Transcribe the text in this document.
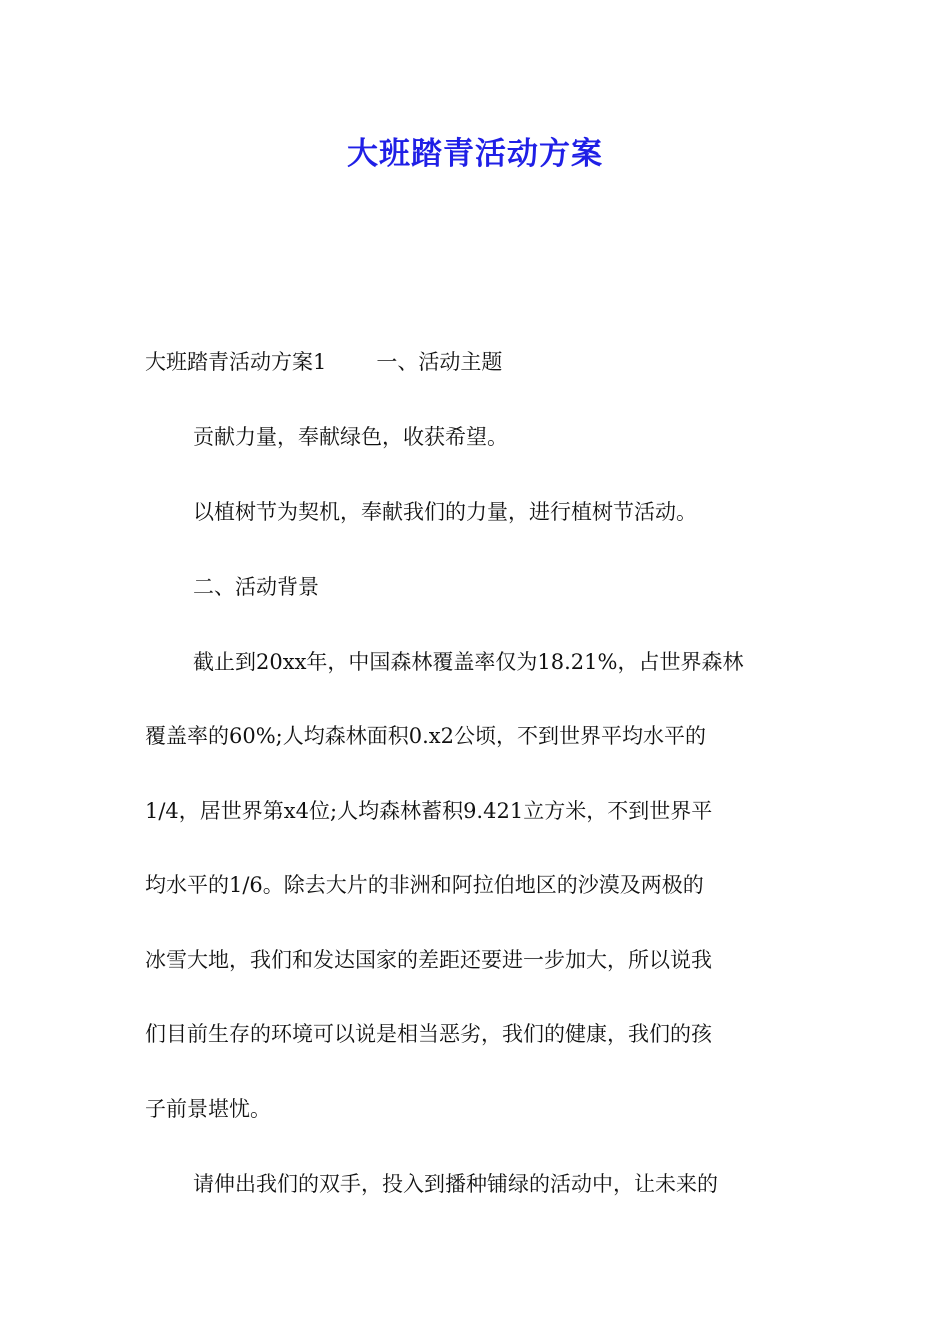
大班踏青活动方案
大班踏青活动方案1 一、活动主题
贡献力量，奉献绿色，收获希望。
以植树节为契机，奉献我们的力量，进行植树节活动。
二、活动背景
截止到20xx年，中国森林覆盖率仅为18.21%，占世界森林
覆盖率的60%;人均森林面积0.x2公顷，不到世界平均水平的
1/4，居世界第x4位;人均森林蓄积9.421立方米，不到世界平
均水平的1/6。除去大片的非洲和阿拉伯地区的沙漠及两极的
冰雪大地，我们和发达国家的差距还要进一步加大，所以说我
们目前生存的环境可以说是相当恶劣，我们的健康，我们的孩
子前景堪忧。
请伸出我们的双手，投入到播种铺绿的活动中，让未来的
